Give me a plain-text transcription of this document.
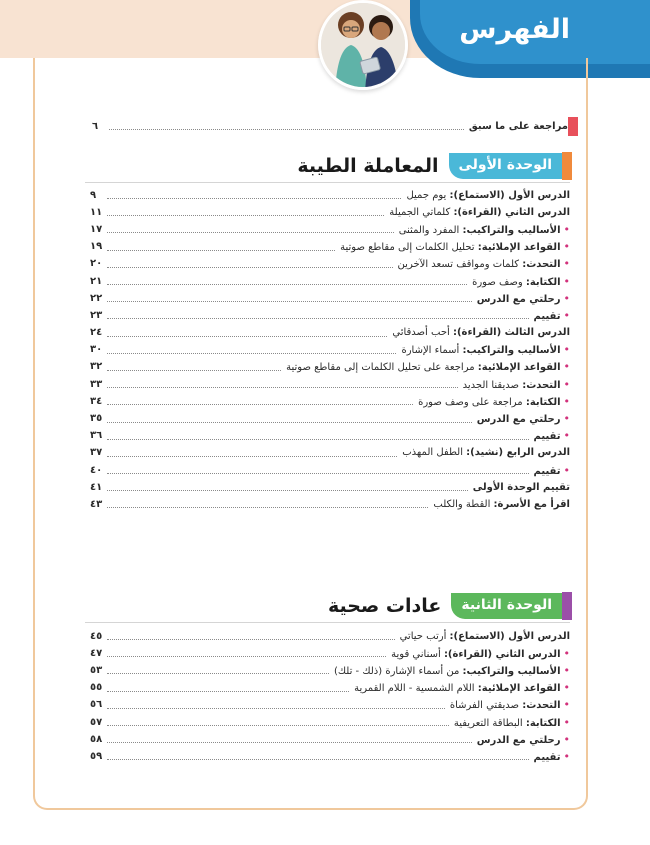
الفهرس
مراجعة على ما سبق
٦
الوحدة الأولى
المعاملة الطيبة
الدرس الأول (الاستماع): يوم جميل
٩
الدرس الثاني (القراءة): كلماتي الجميلة
١١
•الأساليب والتراكيب: المفرد والمثنى
١٧
•القواعد الإملائية: تحليل الكلمات إلى مقاطع صوتية
١٩
•التحدث: كلمات ومواقف تسعد الآخرين
٢٠
•الكتابة: وصف صورة
٢١
•رحلتي مع الدرس
٢٢
•تقييم
٢٣
الدرس الثالث (القراءة): أحب أصدقائي
٢٤
•الأساليب والتراكيب: أسماء الإشارة
٣٠
•القواعد الإملائية: مراجعة على تحليل الكلمات إلى مقاطع صوتية
٣٢
•التحدث: صديقنا الجديد
٣٣
•الكتابة: مراجعة على وصف صورة
٣٤
•رحلتي مع الدرس
٣٥
•تقييم
٣٦
الدرس الرابع (نشيد): الطفل المهذب
٣٧
•تقييم
٤٠
تقييم الوحدة الأولى
٤١
اقرأ مع الأسرة: القطة والكلب
٤٣
الوحدة الثانية
عادات صحية
الدرس الأول (الاستماع): أرتب حياتي
٤٥
•الدرس الثاني (القراءة): أسناني قوية
٤٧
•الأساليب والتراكيب: من أسماء الإشارة (ذلك - تلك)
٥٣
•القواعد الإملائية: اللام الشمسية - اللام القمرية
٥٥
•التحدث: صديقتي الفرشاة
٥٦
•الكتابة: البطاقة التعريفية
٥٧
•رحلتي مع الدرس
٥٨
•تقييم
٥٩
